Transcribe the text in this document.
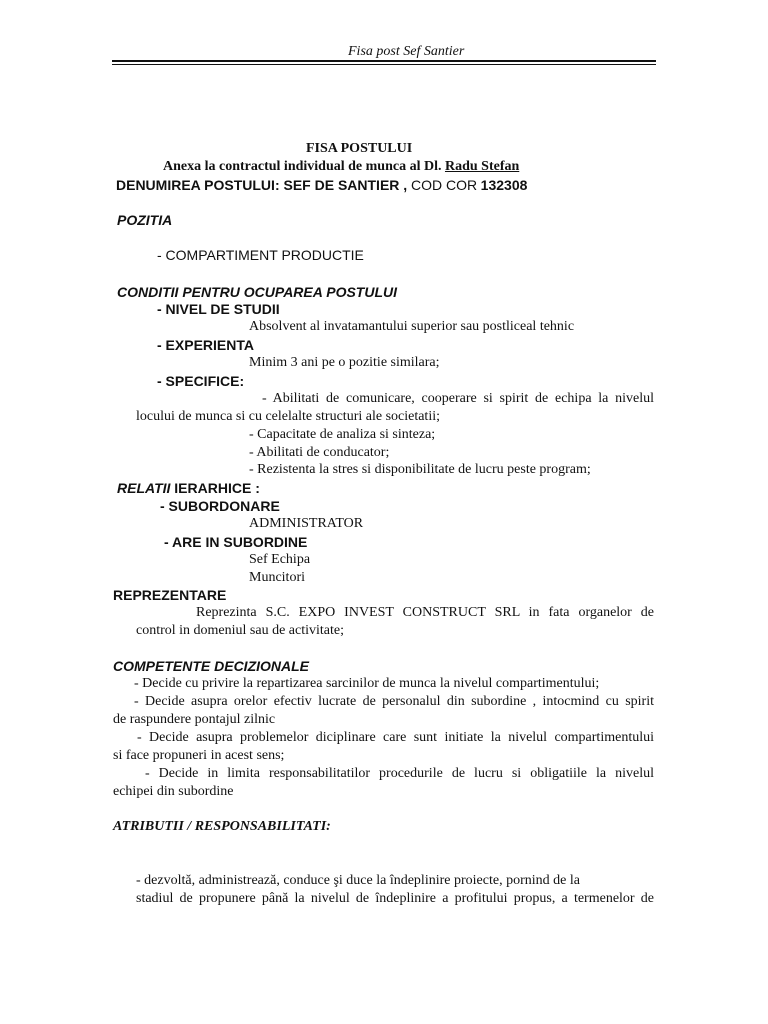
Fisa post Sef Santier
FISA POSTULUI
Anexa la contractul individual de munca al Dl. Radu Stefan
DENUMIREA POSTULUI: SEF DE SANTIER , COD COR 132308
POZITIA
- COMPARTIMENT PRODUCTIE
CONDITII PENTRU OCUPAREA POSTULUI
- NIVEL DE STUDII
Absolvent al invatamantului superior sau postliceal tehnic
- EXPERIENTA
Minim 3 ani pe o pozitie similara;
- SPECIFICE:
- Abilitati de comunicare, cooperare si spirit de echipa la nivelul
locului de munca si cu celelalte structuri ale societatii;
- Capacitate de analiza si sinteza;
- Abilitati de conducator;
- Rezistenta la stres si disponibilitate de lucru peste program;
RELATII IERARHICE :
- SUBORDONARE
ADMINISTRATOR
- ARE IN SUBORDINE
Sef Echipa
Muncitori
REPREZENTARE
Reprezinta S.C. EXPO INVEST CONSTRUCT SRL in fata organelor de
control in domeniul sau de activitate;
COMPETENTE DECIZIONALE
- Decide cu privire la repartizarea sarcinilor de munca la nivelul compartimentului;
- Decide asupra orelor efectiv lucrate de personalul din subordine , intocmind cu spirit
de raspundere pontajul zilnic
- Decide asupra problemelor diciplinare care sunt initiate la nivelul compartimentului
si face propuneri in acest sens;
- Decide in limita responsabilitatilor procedurile de lucru si obligatiile la nivelul
echipei din subordine
ATRIBUTII / RESPONSABILITATI:
- dezvoltă, administrează, conduce şi duce la îndeplinire proiecte, pornind de la
stadiul de propunere până la nivelul de îndeplinire a profitului propus, a termenelor de
